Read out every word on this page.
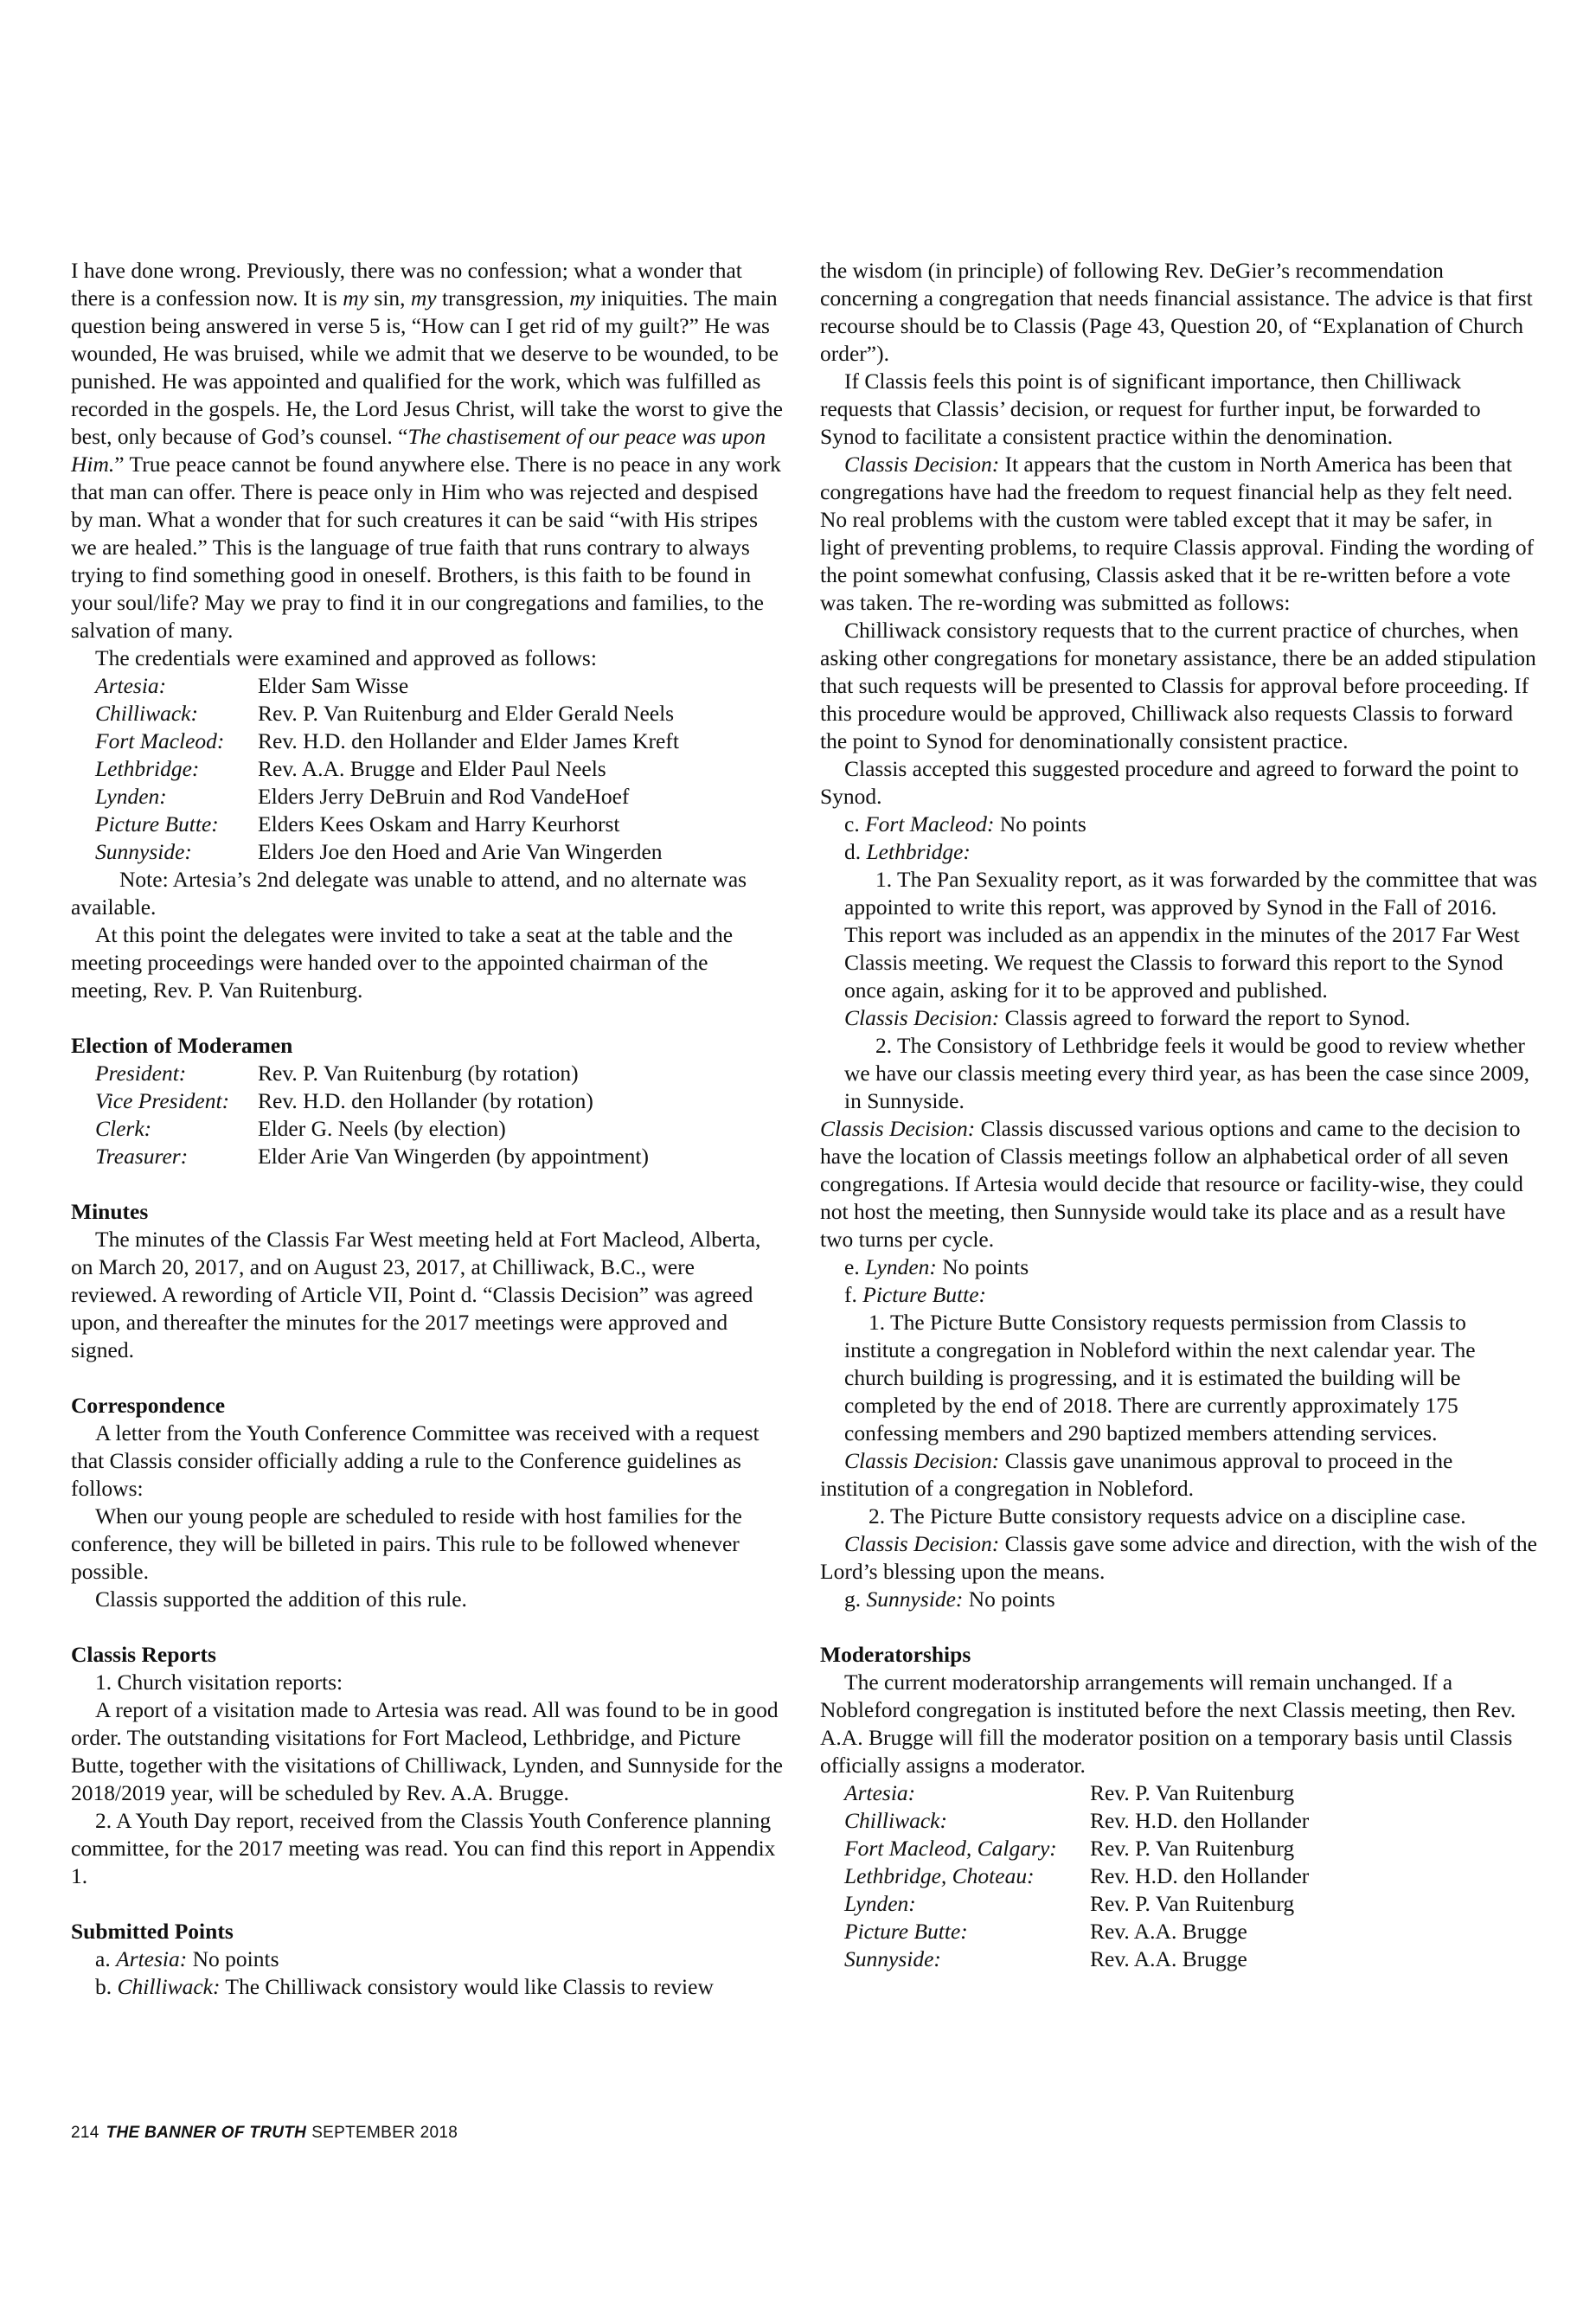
I have done wrong. Previously, there was no confession; what a wonder that there is a confession now. It is my sin, my transgression, my iniquities. The main question being answered in verse 5 is, “How can I get rid of my guilt?” He was wounded, He was bruised, while we admit that we deserve to be wounded, to be punished. He was appointed and qualified for the work, which was fulfilled as recorded in the gospels. He, the Lord Jesus Christ, will take the worst to give the best, only because of God’s counsel. “The chastisement of our peace was upon Him.” True peace cannot be found anywhere else. There is no peace in any work that man can offer. There is peace only in Him who was rejected and despised by man. What a wonder that for such creatures it can be said “with His stripes we are healed.” This is the language of true faith that runs contrary to always trying to find something good in oneself. Brothers, is this faith to be found in your soul/life? May we pray to find it in our congregations and families, to the salvation of many.

The credentials were examined and approved as follows:

Artesia:	Elder Sam Wisse
Chilliwack:	Rev. P. Van Ruitenburg and Elder Gerald Neels
Fort Macleod:	Rev. H.D. den Hollander and Elder James Kreft
Lethbridge:	Rev. A.A. Brugge and Elder Paul Neels
Lynden:	Elders Jerry DeBruin and Rod VandeHoef
Picture Butte:	Elders Kees Oskam and Harry Keurhorst
Sunnyside:	Elders Joe den Hoed and Arie Van Wingerden

Note: Artesia’s 2nd delegate was unable to attend, and no alternate was available.

At this point the delegates were invited to take a seat at the table and the meeting proceedings were handed over to the appointed chairman of the meeting, Rev. P. Van Ruitenburg.

Election of Moderamen
President:	Rev. P. Van Ruitenburg (by rotation)
Vice President:	Rev. H.D. den Hollander (by rotation)
Clerk:	Elder G. Neels (by election)
Treasurer:	Elder Arie Van Wingerden (by appointment)
Minutes

The minutes of the Classis Far West meeting held at Fort Macleod, Alberta, on March 20, 2017, and on August 23, 2017, at Chilliwack, B.C., were reviewed. A rewording of Article VII, Point d. “Classis Decision” was agreed upon, and thereafter the minutes for the 2017 meetings were approved and signed.

Correspondence

A letter from the Youth Conference Committee was received with a request that Classis consider officially adding a rule to the Conference guidelines as follows:

When our young people are scheduled to reside with host families for the conference, they will be billeted in pairs. This rule to be followed whenever possible.

Classis supported the addition of this rule.

Classis Reports

1. Church visitation reports:

A report of a visitation made to Artesia was read. All was found to be in good order. The outstanding visitations for Fort Macleod, Lethbridge, and Picture Butte, together with the visitations of Chilliwack, Lynden, and Sunnyside for the 2018/2019 year, will be scheduled by Rev. A.A. Brugge.

2. A Youth Day report, received from the Classis Youth Conference planning committee, for the 2017 meeting was read. You can find this report in Appendix 1.

Submitted Points

a. Artesia: No points

b. Chilliwack: The Chilliwack consistory would like Classis to review

the wisdom (in principle) of following Rev. DeGier’s recommendation concerning a congregation that needs financial assistance. The advice is that first recourse should be to Classis (Page 43, Question 20, of “Explanation of Church order”).

If Classis feels this point is of significant importance, then Chilliwack requests that Classis’ decision, or request for further input, be forwarded to Synod to facilitate a consistent practice within the denomination.

Classis Decision: It appears that the custom in North America has been that congregations have had the freedom to request financial help as they felt need. No real problems with the custom were tabled except that it may be safer, in light of preventing problems, to require Classis approval. Finding the wording of the point somewhat confusing, Classis asked that it be re-written before a vote was taken. The re-wording was submitted as follows:

Chilliwack consistory requests that to the current practice of churches, when asking other congregations for monetary assistance, there be an added stipulation that such requests will be presented to Classis for approval before proceeding. If this procedure would be approved, Chilliwack also requests Classis to forward the point to Synod for denominationally consistent practice.

Classis accepted this suggested procedure and agreed to forward the point to Synod.

c. Fort Macleod: No points

d. Lethbridge:

1. The Pan Sexuality report, as it was forwarded by the committee that was appointed to write this report, was approved by Synod in the Fall of 2016. This report was included as an appendix in the minutes of the 2017 Far West Classis meeting. We request the Classis to forward this report to the Synod once again, asking for it to be approved and published.

Classis Decision: Classis agreed to forward the report to Synod.

2. The Consistory of Lethbridge feels it would be good to review whether we have our classis meeting every third year, as has been the case since 2009, in Sunnyside.

Classis Decision: Classis discussed various options and came to the decision to have the location of Classis meetings follow an alphabetical order of all seven congregations. If Artesia would decide that resource or facility-wise, they could not host the meeting, then Sunnyside would take its place and as a result have two turns per cycle.

e. Lynden: No points

f. Picture Butte:

1. The Picture Butte Consistory requests permission from Classis to institute a congregation in Nobleford within the next calendar year. The church building is progressing, and it is estimated the building will be completed by the end of 2018. There are currently approximately 175 confessing members and 290 baptized members attending services.

Classis Decision: Classis gave unanimous approval to proceed in the institution of a congregation in Nobleford.

2. The Picture Butte consistory requests advice on a discipline case.

Classis Decision: Classis gave some advice and direction, with the wish of the Lord’s blessing upon the means.

g. Sunnyside: No points

Moderatorships

The current moderatorship arrangements will remain unchanged. If a Nobleford congregation is instituted before the next Classis meeting, then Rev. A.A. Brugge will fill the moderator position on a temporary basis until Classis officially assigns a moderator.

Artesia:	Rev. P. Van Ruitenburg
Chilliwack:	Rev. H.D. den Hollander
Fort Macleod, Calgary:	Rev. P. Van Ruitenburg
Lethbridge, Choteau:	Rev. H.D. den Hollander
Lynden:	Rev. P. Van Ruitenburg
Picture Butte:	Rev. A.A. Brugge
Sunnyside:	Rev. A.A. Brugge
214 THE BANNER OF TRUTH SEPTEMBER 2018
